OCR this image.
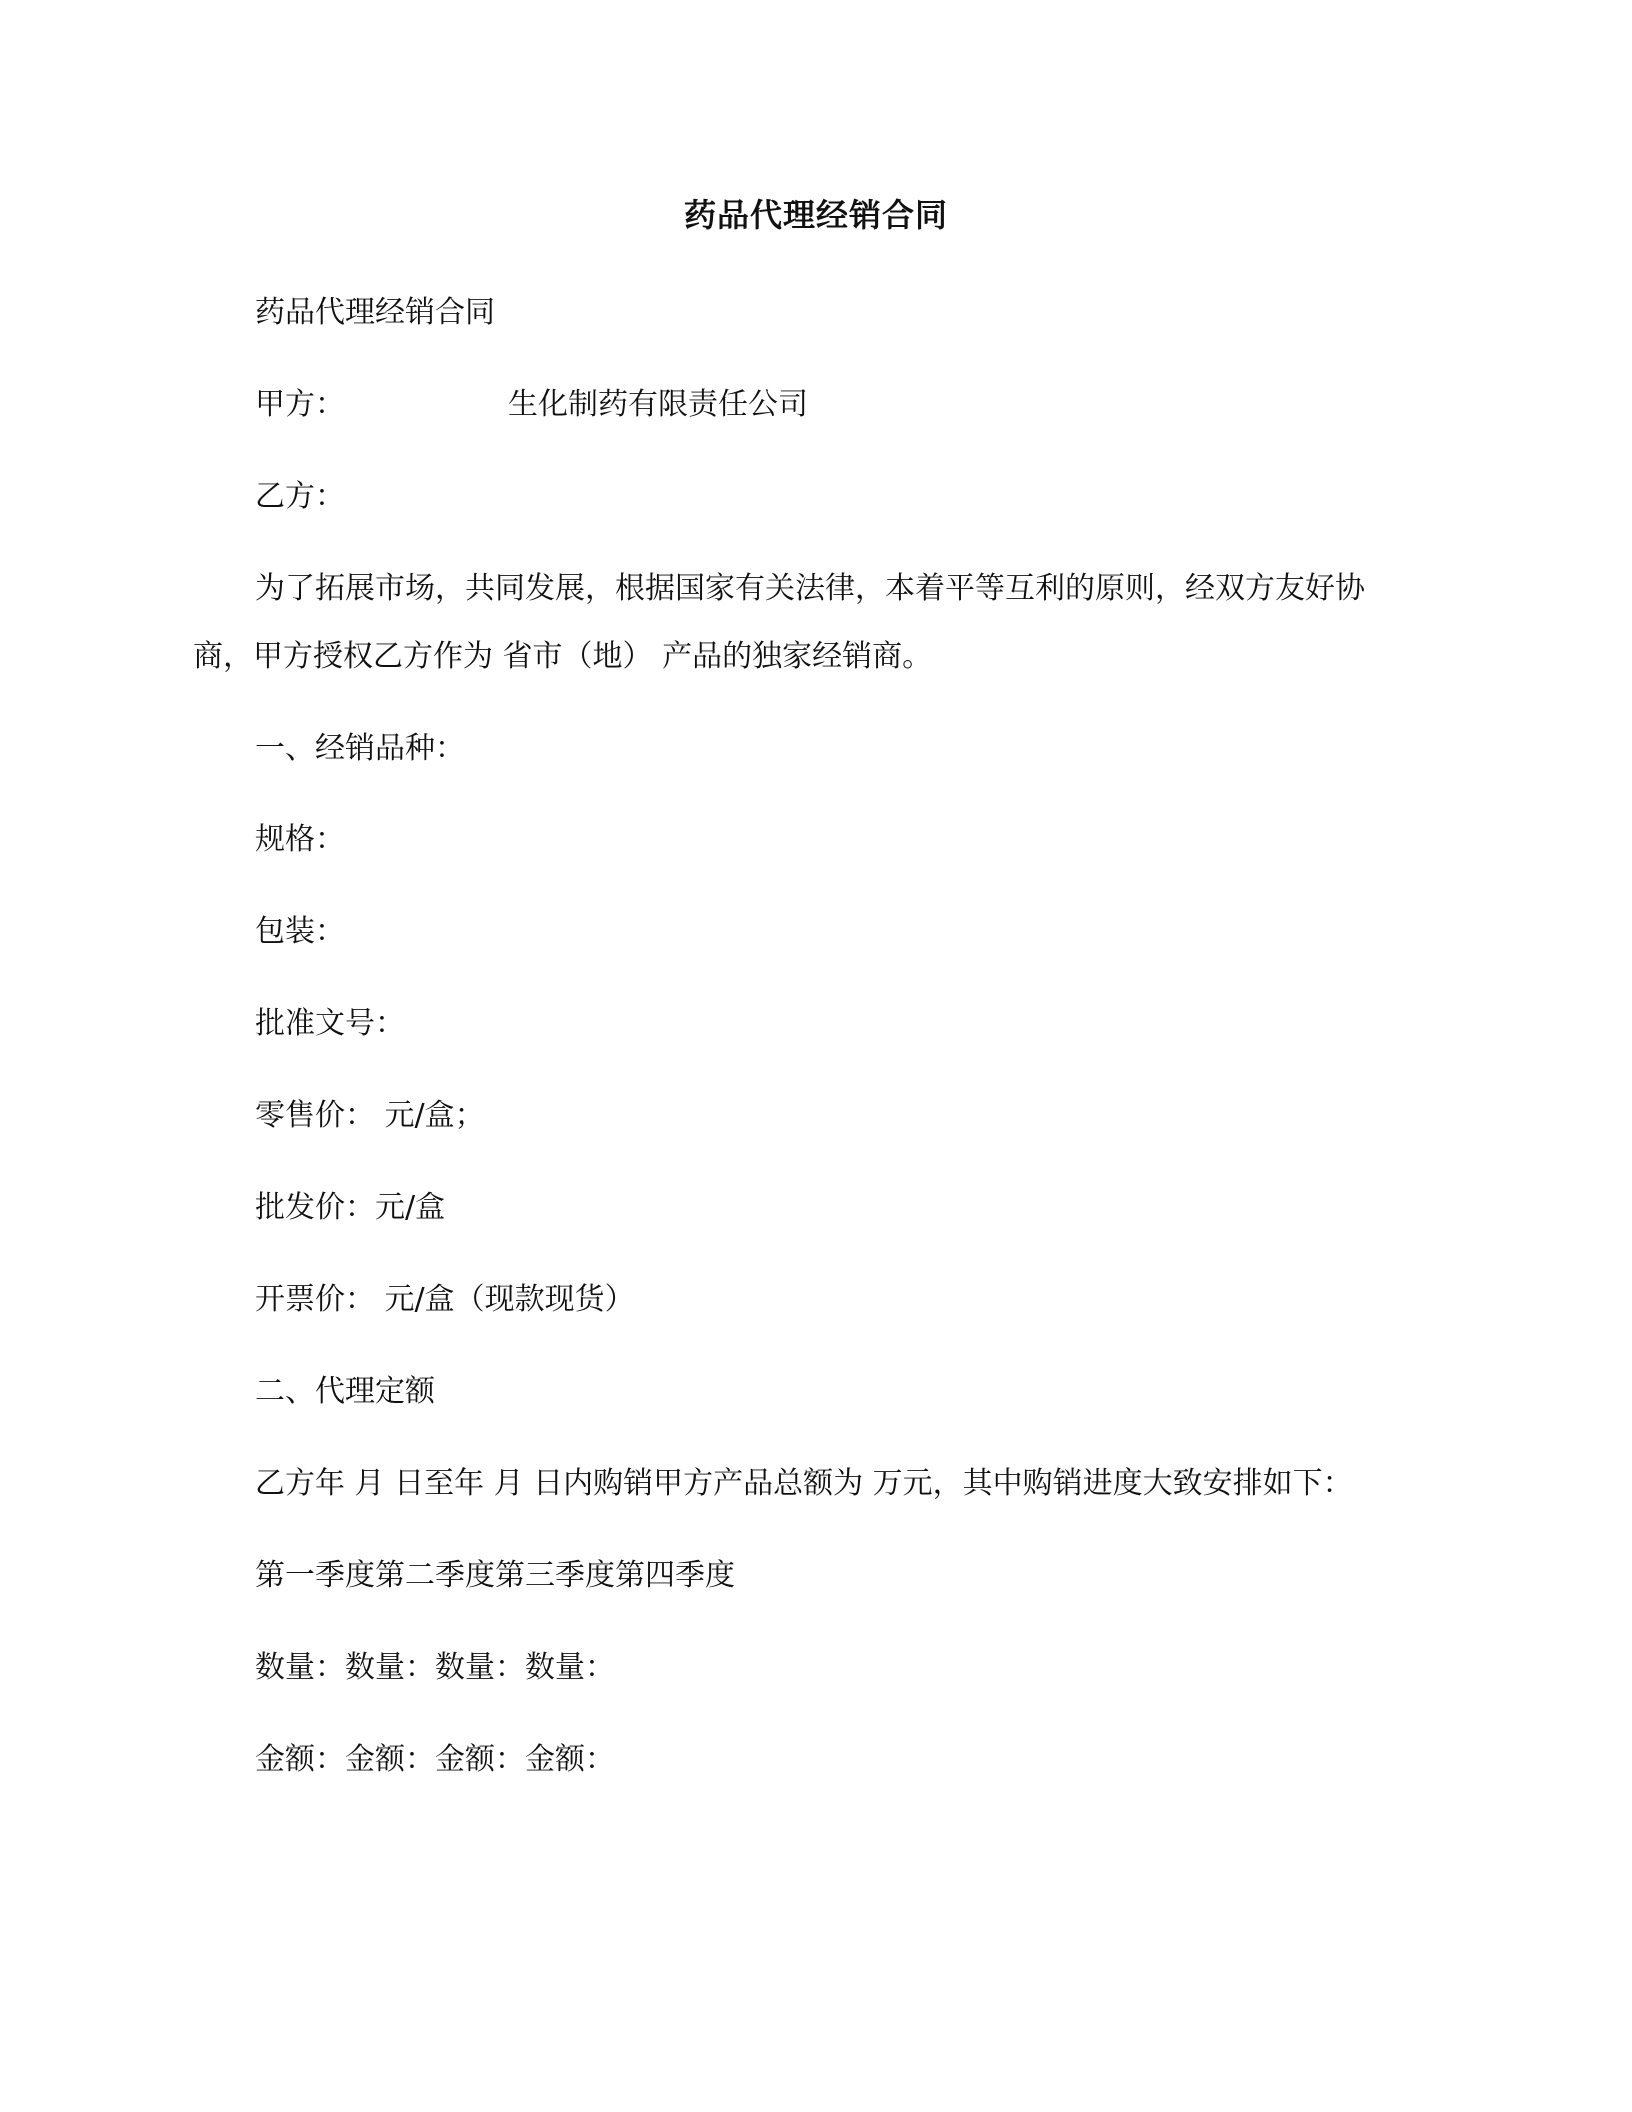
药品代理经销合同
药品代理经销合同
甲方：	生化制药有限责任公司
乙方：
为了拓展市场，共同发展，根据国家有关法律，本着平等互利的原则，经双方友好协商，甲方授权乙方作为 省市（地） 产品的独家经销商。
一、经销品种：
规格：
包装：
批准文号：
零售价： 元/盒；
批发价：元/盒
开票价： 元/盒（现款现货）
二、代理定额
乙方年 月 日至年 月 日内购销甲方产品总额为 万元，其中购销进度大致安排如下：
第一季度第二季度第三季度第四季度
数量：数量：数量：数量：
金额：金额：金额：金额：
